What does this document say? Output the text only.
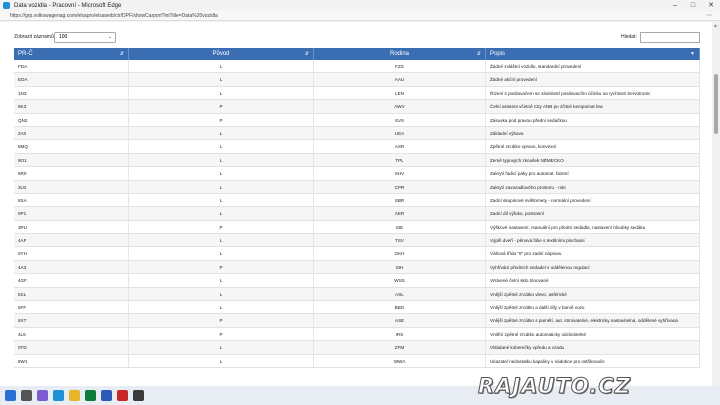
Data vozidla - Pracovní - Microsoft Edge	–	□	✕
https://grp.volkswagenag.com/elsapro/elsaweb/ctr/DPF/showCarport?iniTitle=Data%20vozidla	⋯
Zobrazit záznamů	100	⌄	Hledat:
PR-Č	⇵	Původ	⇵	Rodina	⇵	Popis	▼
FDA	L	FZS	Žádné zvláštní vozidlo, standardní provedení
EDA	L	AAU	Žádné akční provedení
1N3	L	LEN	Řízení s posilovačem se závislostí posilovacího účinku na rychlosti Servotronic
6K3	P	AWV	Čelní asistent včetně City ANB po zčitné kempomat low
QN2	P	SVS	Zásuvka pod pravou přední sedačkou
2A0	L	UEA	Základní výbava
5MQ	L	ASR	Zpětné zrcátko vpravo, konvexní
9O1	L	TPL	Země typových zkoušek NĚMECKO
6R0	L	SHV	Zakrytí řadicí páky pro automat. řazení
3U2	L	CPR	Zakrytí zavazadlového prostoru - role
8SA	L	SBR	Zadní skupinové světlomety - normální provedení
0P1	L	AER	Zadní díl výfuku, postranní
3PU	P	SIE	Výškové nastavení, manuální pro přední sedadla, nastavení hloubky sedáku
4AF	L	TSV	Výplň dveří - pěnová fólie s textilními plochami
0YH	L	GKH	Váhová třída "8" pro zadní nápravu
4A3	P	SIH	Vyhřívání předních sedadel s oddělenou regulací
4GF	L	WSS	Vrstvené čelní sklo tónované
5SL	L	ASL	Vnější zpětné zrcátko vlevo, asférické
6FF	L	BBO	Vnější zpětné zrcátko a další díly v barvě vozu
6XT	P	ASE	Vnější zpětné zrcátko s pamětí, aut. stmívatelné, elektricky nastavitelná, oddělené vyhřívaná
4L6	P	IRS	Vnitřní zpětné zrcátko automaticky odclonitelné
0TD	L	ZFM	Vkládané koberečky vpředu a vzadu
8W1	L	WWA	Ukazatel nedostatku kapaliny v nádobce pro ostřikovače
▲
RAJAUTO.CZ
